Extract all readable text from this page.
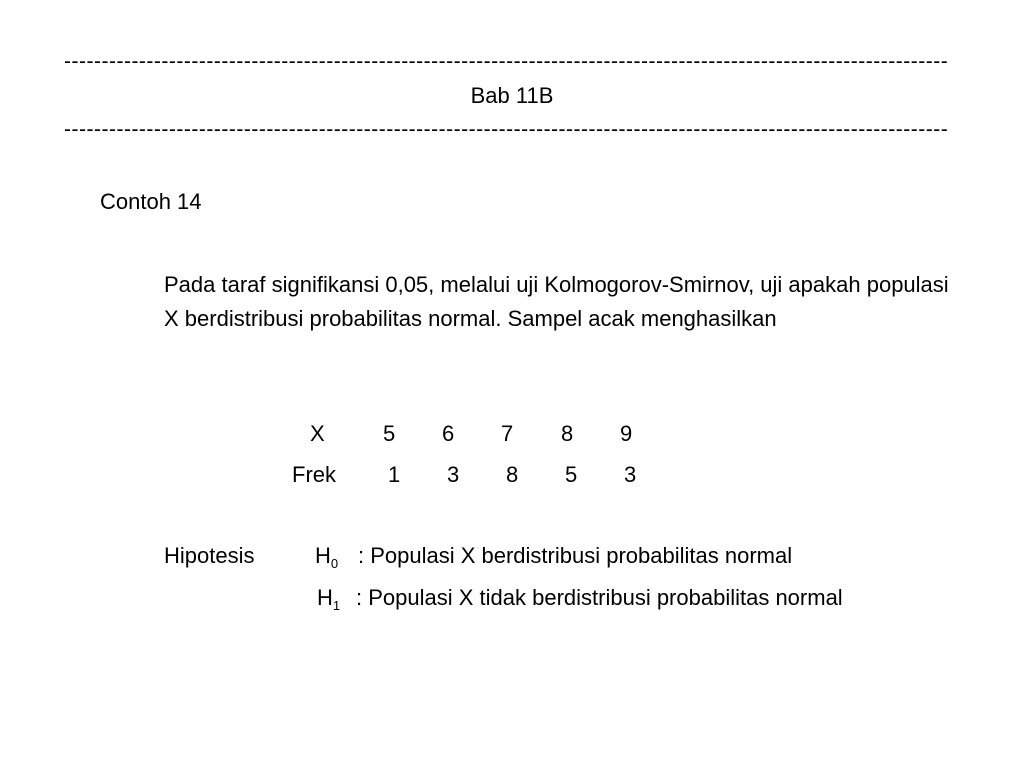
----------------------------------------------------------------------------------------------------------------------
Bab 11B
----------------------------------------------------------------------------------------------------------------------
Contoh 14
Pada taraf signifikansi 0,05, melalui uji Kolmogorov-Smirnov, uji apakah populasi X berdistribusi probabilitas normal. Sampel acak menghasilkan
X	5 6 7 8 9
Frek 1 3 8 5 3
Hipotesis	$H_0$ : Populasi X berdistribusi probabilitas normal
$H_1$ : Populasi X tidak berdistribusi probabilitas normal
